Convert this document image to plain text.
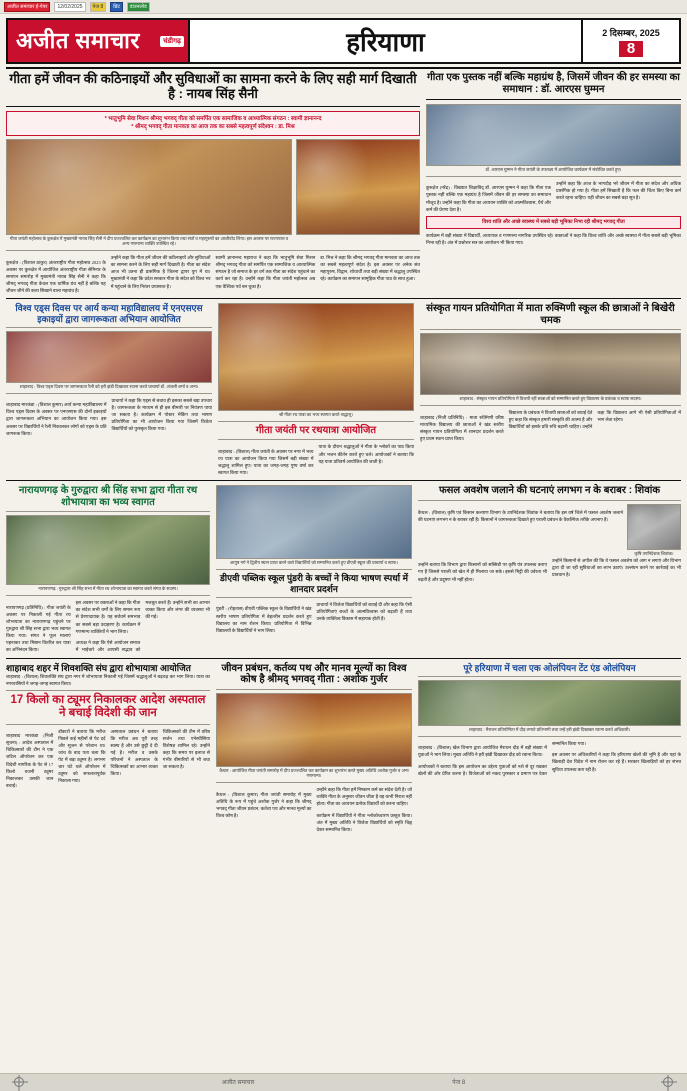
अजीत समाचार ई-पेपर	12/02/2025	पेज 8	प्रिंट	डाउनलोड
अजीत समाचार	चंडीगढ़	हरियाणा	2 दिसम्बर, 2025
8
गीता हमें जीवन की कठिनाइयों और सुविधाओं का सामना करने के लिए सही मार्ग दिखाती है : नायब सिंह सैनी
* भातुभूमि सेवा मिशन श्रीमद् भगवद् गीता को समर्पित एक सामाजिक व आध्यात्मिक संगठन : स्वामी ज्ञानानन्द
* श्रीमद् भगवद् गीता मानवता का आज तक का सबसे महत्वपूर्ण संदेश्वन : डा. मिश्र
गीता जयंती महोत्सव के कुरुक्षेत्र में मुख्यमंत्री नायब सिंह सैनी ने दीप प्रज्ज्वलित कर कार्यक्रम का शुभारंभ किया तथा संतों व महापुरुषों का आशीर्वाद लिया। इस अवसर पर राज्यपाल व अन्य गणमान्य व्यक्ति उपस्थित रहे।

कुरुक्षेत्र : (विशाल ठाकुर) अंतरराष्ट्रीय गीता महोत्सव 2025 के अवसर पर कुरुक्षेत्र में आयोजित अंतरराष्ट्रीय गीता सेमिनार के समापन समारोह में मुख्यमंत्री नायब सिंह सैनी ने कहा कि श्रीमद् भगवद् गीता केवल एक धार्मिक ग्रंथ नहीं है बल्कि यह जीवन जीने की कला सिखाने वाला महाग्रंथ है।

उन्होंने कहा कि गीता हमें जीवन की कठिनाइयों और सुविधाओं का सामना करने के लिए सही मार्ग दिखाती है। गीता का संदेश आज भी उतना ही प्रासंगिक है जितना द्वापर युग में था। मुख्यमंत्री ने कहा कि प्रदेश सरकार गीता के संदेश को विश्व भर में पहुंचाने के लिए निरंतर प्रयासरत है।

स्वामी ज्ञानानन्द महाराज ने कहा कि भातुभूमि सेवा मिशन श्रीमद् भगवद् गीता को समर्पित एक सामाजिक व आध्यात्मिक संगठन है जो समाज के हर वर्ग तक गीता का संदेश पहुंचाने का कार्य कर रहा है। उन्होंने कहा कि गीता जयंती महोत्सव अब एक वैश्विक पर्व बन चुका है।

डा. मिश्र ने कहा कि श्रीमद् भगवद् गीता मानवता का आज तक का सबसे महत्वपूर्ण संदेश है। इस अवसर पर अनेक संत महापुरुष, विद्वान, शोधार्थी तथा बड़ी संख्या में श्रद्धालु उपस्थित रहे। कार्यक्रम का समापन सामूहिक गीता पाठ के साथ हुआ।

गीता एक पुस्तक नहीं बल्कि महाग्रंथ है, जिसमें जीवन की हर समस्या का समाधान : डॉ. आरएस घुम्मन
डॉ. आरएस घुम्मन ने गीता जयंती के उपलक्ष्य में आयोजित कार्यक्रम में संबोधित करते हुए।

कुरुक्षेत्र (नरेंद्र) : विख्यात शिक्षाविद् डॉ. आरएस घुम्मन ने कहा कि गीता एक पुस्तक नहीं बल्कि एक महाग्रंथ है जिसमें जीवन की हर समस्या का समाधान मौजूद है। उन्होंने कहा कि गीता का अध्ययन व्यक्ति को आत्मविश्वास, धैर्य और कर्म की प्रेरणा देता है।

उन्होंने कहा कि आज के भागदौड़ भरे जीवन में गीता का संदेश और अधिक प्रासंगिक हो गया है। गीता हमें सिखाती है कि फल की चिंता किए बिना कर्म करते रहना चाहिए। यही जीवन का सबसे बड़ा सूत्र है।

विश्व शांति और अच्छे स्वास्थ्य में सबसे बड़ी भूमिका निभा रही श्रीमद् भगवद् गीता
कार्यक्रम में बड़ी संख्या में विद्यार्थी, अध्यापक व गणमान्य नागरिक उपस्थित रहे। वक्ताओं ने कहा कि विश्व शांति और अच्छे स्वास्थ्य में गीता सबसे बड़ी भूमिका निभा रही है। अंत में प्रश्नोत्तर सत्र का आयोजन भी किया गया।
विश्व एड्स दिवस पर आर्य कन्या महाविद्यालय में एनएसएस इकाइयों द्वारा जागरूकता अभियान आयोजित
शाहाबाद : विश्व एड्स दिवस पर जागरूकता रैली को हरी झंडी दिखाकर रवाना करते प्राचार्या डॉ. अंजली शर्मा व अन्य।

शाहाबाद मारकंडा : (विशाल कुमार) आर्य कन्या महाविद्यालय में विश्व एड्स दिवस के अवसर पर एनएसएस की दोनों इकाइयों द्वारा जागरूकता अभियान का आयोजन किया गया। इस अवसर पर विद्यार्थियों ने रैली निकालकर लोगों को एड्स के प्रति जागरूक किया।

प्राचार्या ने कहा कि एड्स से बचाव ही इसका सबसे बड़ा उपचार है। जागरूकता के माध्यम से ही इस बीमारी पर नियंत्रण पाया जा सकता है। कार्यक्रम में पोस्टर मेकिंग तथा भाषण प्रतियोगिता का भी आयोजन किया गया जिसमें विजेता विद्यार्थियों को पुरस्कृत किया गया।

श्री गीता रथ यात्रा का भव्य स्वागत करते श्रद्धालु।
गीता जयंती पर रथयात्रा आयोजित

शाहाबाद : (विशाल) गीता जयंती के अवसर पर नगर में भव्य रथ यात्रा का आयोजन किया गया जिसमें बड़ी संख्या में श्रद्धालु शामिल हुए। यात्रा का जगह-जगह पुष्प वर्षा कर स्वागत किया गया।

यात्रा के दौरान श्रद्धालुओं ने गीता के श्लोकों का पाठ किया और भजन कीर्तन करते हुए चले। आयोजकों ने बताया कि यह यात्रा प्रतिवर्ष आयोजित की जाती है।

संस्कृत गायन प्रतियोगिता में माता रुक्मिणी स्कूल की छात्राओं ने बिखेरी चमक
शाहाबाद : संस्कृत गायन प्रतियोगिता में विजयी रहीं छात्राओं को सम्मानित करते हुए विद्यालय के प्रबंधक व स्टाफ सदस्य।

शाहाबाद (निजी प्रतिनिधि) : माता रुक्मिणी वरिष्ठ माध्यमिक विद्यालय की छात्राओं ने खंड स्तरीय संस्कृत गायन प्रतियोगिता में शानदार प्रदर्शन करते हुए प्रथम स्थान प्राप्त किया।

विद्यालय के प्रबंधक ने विजयी छात्राओं को बधाई देते हुए कहा कि संस्कृत हमारी संस्कृति की आत्मा है और विद्यार्थियों को इसके प्रति रुचि बढ़ानी चाहिए। उन्होंने कहा कि विद्यालय आगे भी ऐसी प्रतियोगिताओं में भाग लेता रहेगा।

नारायणगढ़ के गुरुद्वारा श्री सिंह सभा द्वारा गीता रथ शोभायात्रा का भव्य स्वागत
नारायणगढ़ : गुरुद्वारा श्री सिंह सभा में गीता रथ शोभायात्रा का स्वागत करते संगत के सदस्य।

नारायणगढ़ (प्रतिनिधि) : गीता जयंती के अवसर पर निकाली गई गीता रथ शोभायात्रा का नारायणगढ़ पहुंचने पर गुरुद्वारा श्री सिंह सभा द्वारा भव्य स्वागत किया गया। संगत ने फूल मालाएं पहनाकर तथा मिष्ठान वितरित कर यात्रा का अभिनंदन किया।

इस अवसर पर वक्ताओं ने कहा कि गीता का संदेश सभी धर्मों के लिए समान रूप से प्रेरणादायक है। यह सर्वधर्म समभाव का सबसे बड़ा उदाहरण है। कार्यक्रम में गणमान्य व्यक्तियों ने भाग लिया।

अध्यक्ष ने कहा कि ऐसे आयोजन समाज में भाईचारे और आपसी सद्भाव को मजबूत करते हैं। उन्होंने सभी का आभार व्यक्त किया और लंगर की व्यवस्था भी की गई।

आयुष गर्ग ने द्वितीय स्थान प्राप्त करने वाले विद्यार्थियों को सम्मानित करते हुए डीएवी स्कूल की प्राचार्या व स्टाफ।
डीएवी पब्लिक स्कूल पुंडरी के बच्चों ने किया भाषण स्पर्धा में शानदार प्रदर्शन

पुंडरी : (रोहतास) डीएवी पब्लिक स्कूल के विद्यार्थियों ने खंड स्तरीय भाषण प्रतियोगिता में बेहतरीन प्रदर्शन करते हुए विद्यालय का नाम रोशन किया। प्रतियोगिता में विभिन्न विद्यालयों के विद्यार्थियों ने भाग लिया।

प्राचार्या ने विजेता विद्यार्थियों को बधाई दी और कहा कि ऐसी प्रतियोगिताएं बच्चों के आत्मविश्वास को बढ़ाती हैं तथा उनके व्यक्तित्व विकास में सहायक होती हैं।

फसल अवशेष जलाने की घटनाएं लगभग न के बराबर : शिवांक

कैथल : (विशाल) कृषि एवं किसान कल्याण विभाग के उपनिदेशक शिवांक ने बताया कि इस वर्ष जिले में फसल अवशेष जलाने की घटनाएं लगभग न के बराबर रही हैं। किसानों ने जागरूकता दिखाते हुए पराली प्रबंधन के वैकल्पिक तरीके अपनाए हैं।

कृषि उपनिदेशक शिवांक।

उन्होंने बताया कि विभाग द्वारा किसानों को सब्सिडी पर कृषि यंत्र उपलब्ध कराए गए हैं जिससे पराली को खेत में ही मिलाया जा सके। इससे मिट्टी की उर्वरता भी बढ़ती है और प्रदूषण भी नहीं होता।

उन्होंने किसानों से अपील की कि वे फसल अवशेष को आग न लगाएं और विभाग द्वारा दी जा रही सुविधाओं का लाभ उठाएं। उल्लंघन करने पर कार्रवाई का भी प्रावधान है।

शाहाबाद शहर में शिवशक्ति संघ द्वारा शोभायात्रा आयोजित
शाहाबाद : (विशाल) शिवशक्ति संघ द्वारा नगर में शोभायात्रा निकाली गई जिसमें श्रद्धालुओं ने बढ़चढ़ कर भाग लिया। यात्रा का नगरवासियों ने जगह-जगह स्वागत किया।
17 किलो का ट्यूमर निकालकर आदेश अस्पताल ने बचाई विदेशी की जान

शाहाबाद मारकंडा (निजी सूचना) : आदेश अस्पताल में चिकित्सकों की टीम ने एक जटिल ऑपरेशन कर एक विदेशी नागरिक के पेट से 17 किलो वजनी ट्यूमर निकालकर उसकी जान बचाई।

डॉक्टरों ने बताया कि मरीज पिछले कई महीनों से पेट दर्द और सूजन से परेशान था। जांच के बाद पता चला कि पेट में बड़ा ट्यूमर है। लगभग चार घंटे चले ऑपरेशन में ट्यूमर को सफलतापूर्वक निकाला गया।

अस्पताल प्रबंधन ने बताया कि मरीज अब पूरी तरह स्वस्थ है और उसे छुट्टी दे दी गई है। मरीज व उसके परिजनों ने अस्पताल के चिकित्सकों का आभार व्यक्त किया।

चिकित्सकों की टीम में वरिष्ठ सर्जन तथा एनेस्थीसिया विशेषज्ञ शामिल रहे। उन्होंने कहा कि समय पर इलाज से गंभीर बीमारियों से भी बचा जा सकता है।

जीवन प्रबंधन, कर्तव्य पथ और मानव मूल्यों का विश्व कोष है श्रीमद् भगवद् गीता : अशोक गुर्जर
कैथल : आयोजित गीता जयंती समारोह में दीप प्रज्ज्वलित कर कार्यक्रम का शुभारंभ करते मुख्य अतिथि अशोक गुर्जर व अन्य गणमान्य।

कैथल : (विशाल कुमार) गीता जयंती समारोह में मुख्य अतिथि के रूप में पहुंचे अशोक गुर्जर ने कहा कि श्रीमद् भगवद् गीता जीवन प्रबंधन, कर्तव्य पथ और मानव मूल्यों का विश्व कोष है।

उन्होंने कहा कि गीता हमें निष्काम कर्म का संदेश देती है। जो व्यक्ति गीता के अनुसार जीवन जीता है वह कभी निराश नहीं होता। गीता का अध्ययन प्रत्येक विद्यार्थी को करना चाहिए।

कार्यक्रम में विद्यार्थियों ने गीता श्लोकोच्चारण प्रस्तुत किया। अंत में मुख्य अतिथि ने विजेता विद्यार्थियों को स्मृति चिह्न देकर सम्मानित किया।

पूरे हरियाणा में चला एक ओलंपियन टेंट एंड ओलंपियन
शाहाबाद : मैराथन प्रतियोगिता में दौड़ लगाते प्रतिभागी तथा उन्हें हरी झंडी दिखाकर रवाना करते अधिकारी।

शाहाबाद : (विशाल) खेल विभाग द्वारा आयोजित मैराथन दौड़ में बड़ी संख्या में युवाओं ने भाग लिया। मुख्य अतिथि ने हरी झंडी दिखाकर दौड़ को रवाना किया।

आयोजकों ने बताया कि इस आयोजन का उद्देश्य युवाओं को नशे से दूर रखकर खेलों की ओर प्रेरित करना है। विजेताओं को नकद पुरस्कार व प्रमाण पत्र देकर सम्मानित किया गया।

इस अवसर पर अधिकारियों ने कहा कि हरियाणा खेलों की भूमि है और यहां के खिलाड़ी देश विदेश में नाम रोशन कर रहे हैं। सरकार खिलाड़ियों को हर संभव सुविधा उपलब्ध करा रही है।

अजीत समाचार	पेज 8
